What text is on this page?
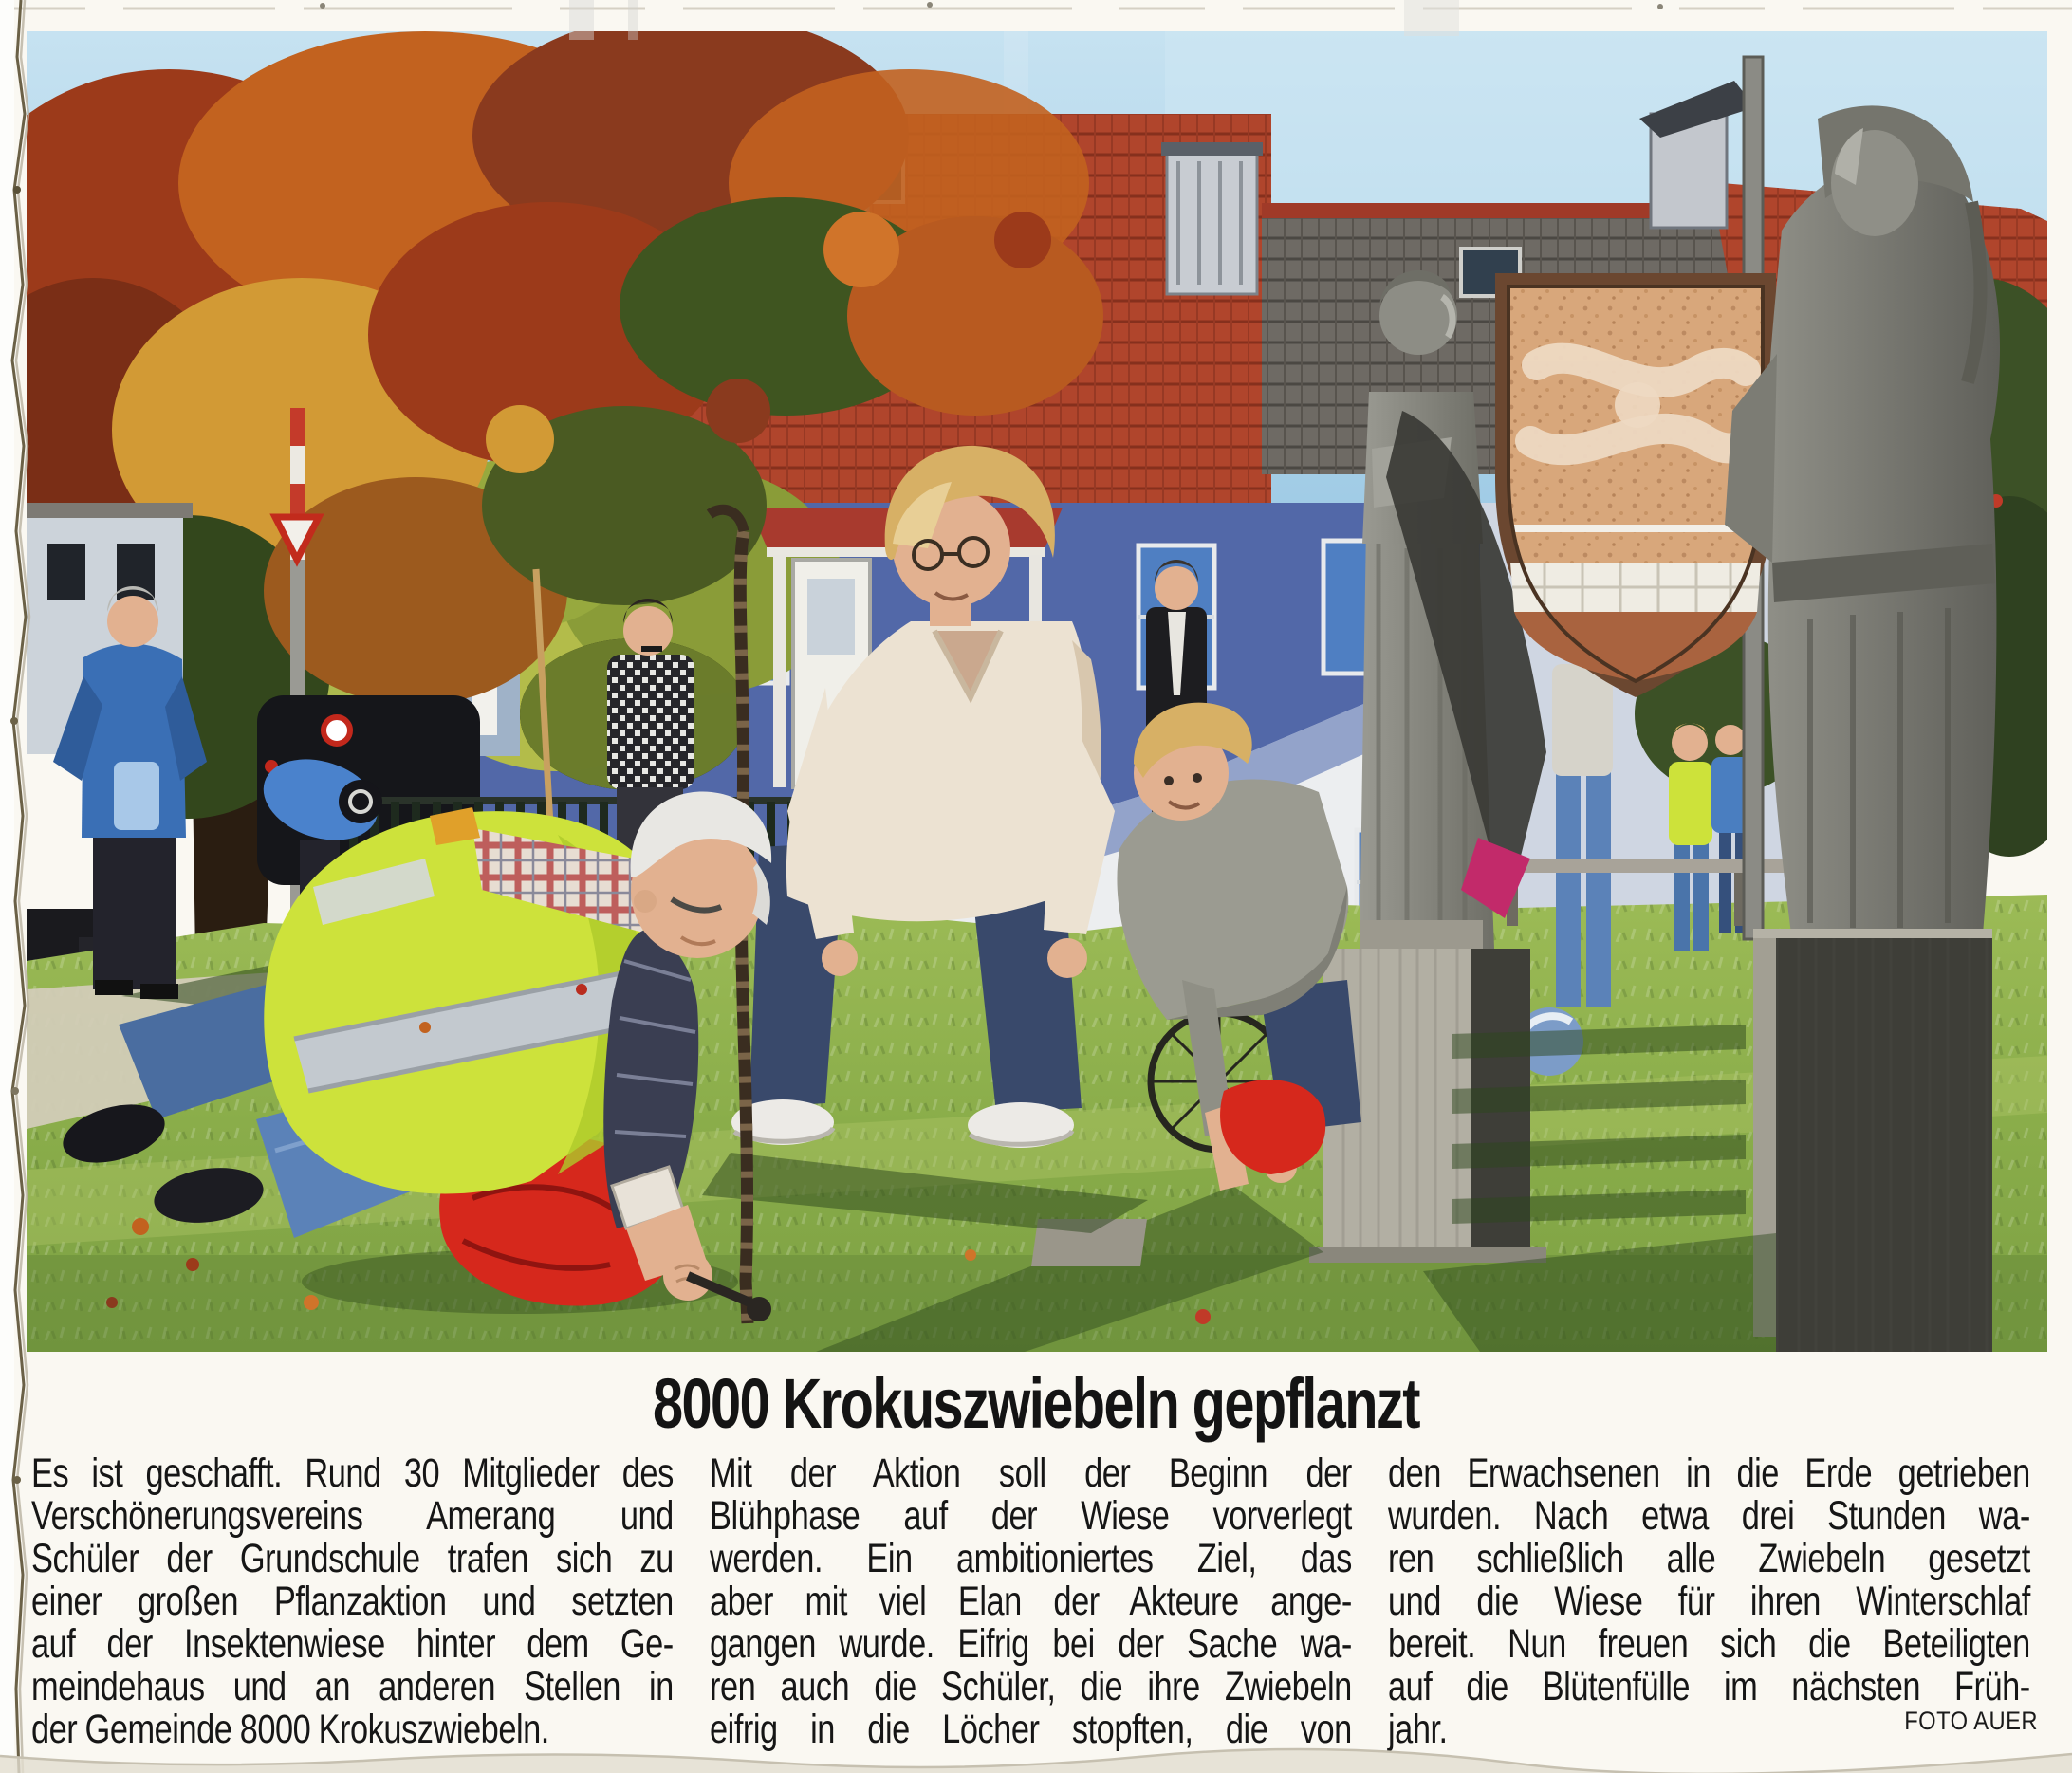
8000 Krokuszwiebeln gepflanzt
Es ist geschafft. Rund 30 Mitglieder des
Verschönerungsvereins Amerang und
Schüler der Grundschule trafen sich zu
einer großen Pflanzaktion und setzten
auf der Insektenwiese hinter dem Ge-
meindehaus und an anderen Stellen in
der Gemeinde 8000 Krokuszwiebeln.
Mit der Aktion soll der Beginn der
Blühphase auf der Wiese vorverlegt
werden. Ein ambitioniertes Ziel, das
aber mit viel Elan der Akteure ange-
gangen wurde. Eifrig bei der Sache wa-
ren auch die Schüler, die ihre Zwiebeln
eifrig in die Löcher stopften, die von
den Erwachsenen in die Erde getrieben
wurden. Nach etwa drei Stunden wa-
ren schließlich alle Zwiebeln gesetzt
und die Wiese für ihren Winterschlaf
bereit. Nun freuen sich die Beteiligten
auf die Blütenfülle im nächsten Früh-
jahr.	FOTO AUER
